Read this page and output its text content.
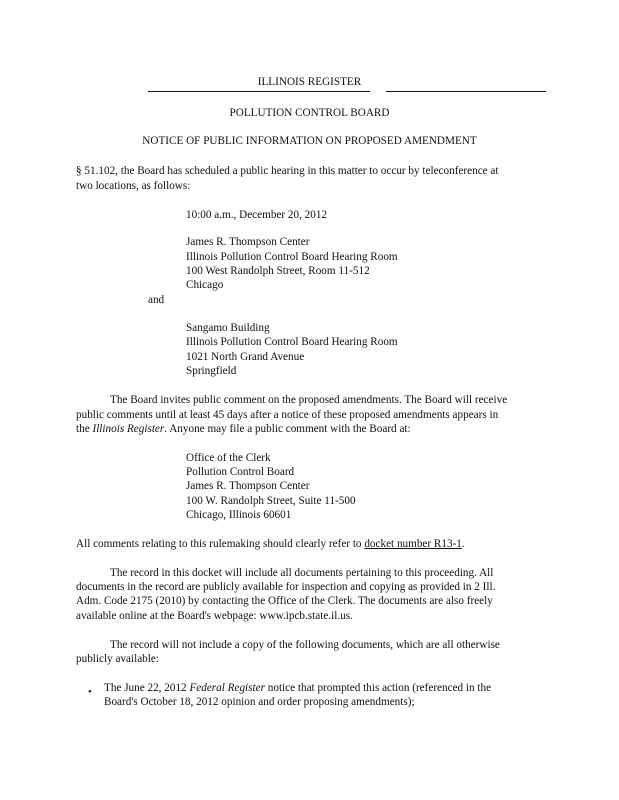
ILLINOIS REGISTER
POLLUTION CONTROL BOARD
NOTICE OF PUBLIC INFORMATION ON PROPOSED AMENDMENT
§ 51.102, the Board has scheduled a public hearing in this matter to occur by teleconference at
two locations, as follows:
10:00 a.m., December 20, 2012
James R. Thompson Center
Illinois Pollution Control Board Hearing Room
100 West Randolph Street, Room 11-512
Chicago
and
Sangamo Building
Illinois Pollution Control Board Hearing Room
1021 North Grand Avenue
Springfield
The Board invites public comment on the proposed amendments. The Board will receive
public comments until at least 45 days after a notice of these proposed amendments appears in
the Illinois Register. Anyone may file a public comment with the Board at:
Office of the Clerk
Pollution Control Board
James R. Thompson Center
100 W. Randolph Street, Suite 11-500
Chicago, Illinois 60601
All comments relating to this rulemaking should clearly refer to docket number R13-1.
The record in this docket will include all documents pertaining to this proceeding. All
documents in the record are publicly available for inspection and copying as provided in 2 Ill.
Adm. Code 2175 (2010) by contacting the Office of the Clerk. The documents are also freely
available online at the Board's webpage: www.ipcb.state.il.us.
The record will not include a copy of the following documents, which are all otherwise
publicly available:
• The June 22, 2012 Federal Register notice that prompted this action (referenced in the
Board's October 18, 2012 opinion and order proposing amendments);
